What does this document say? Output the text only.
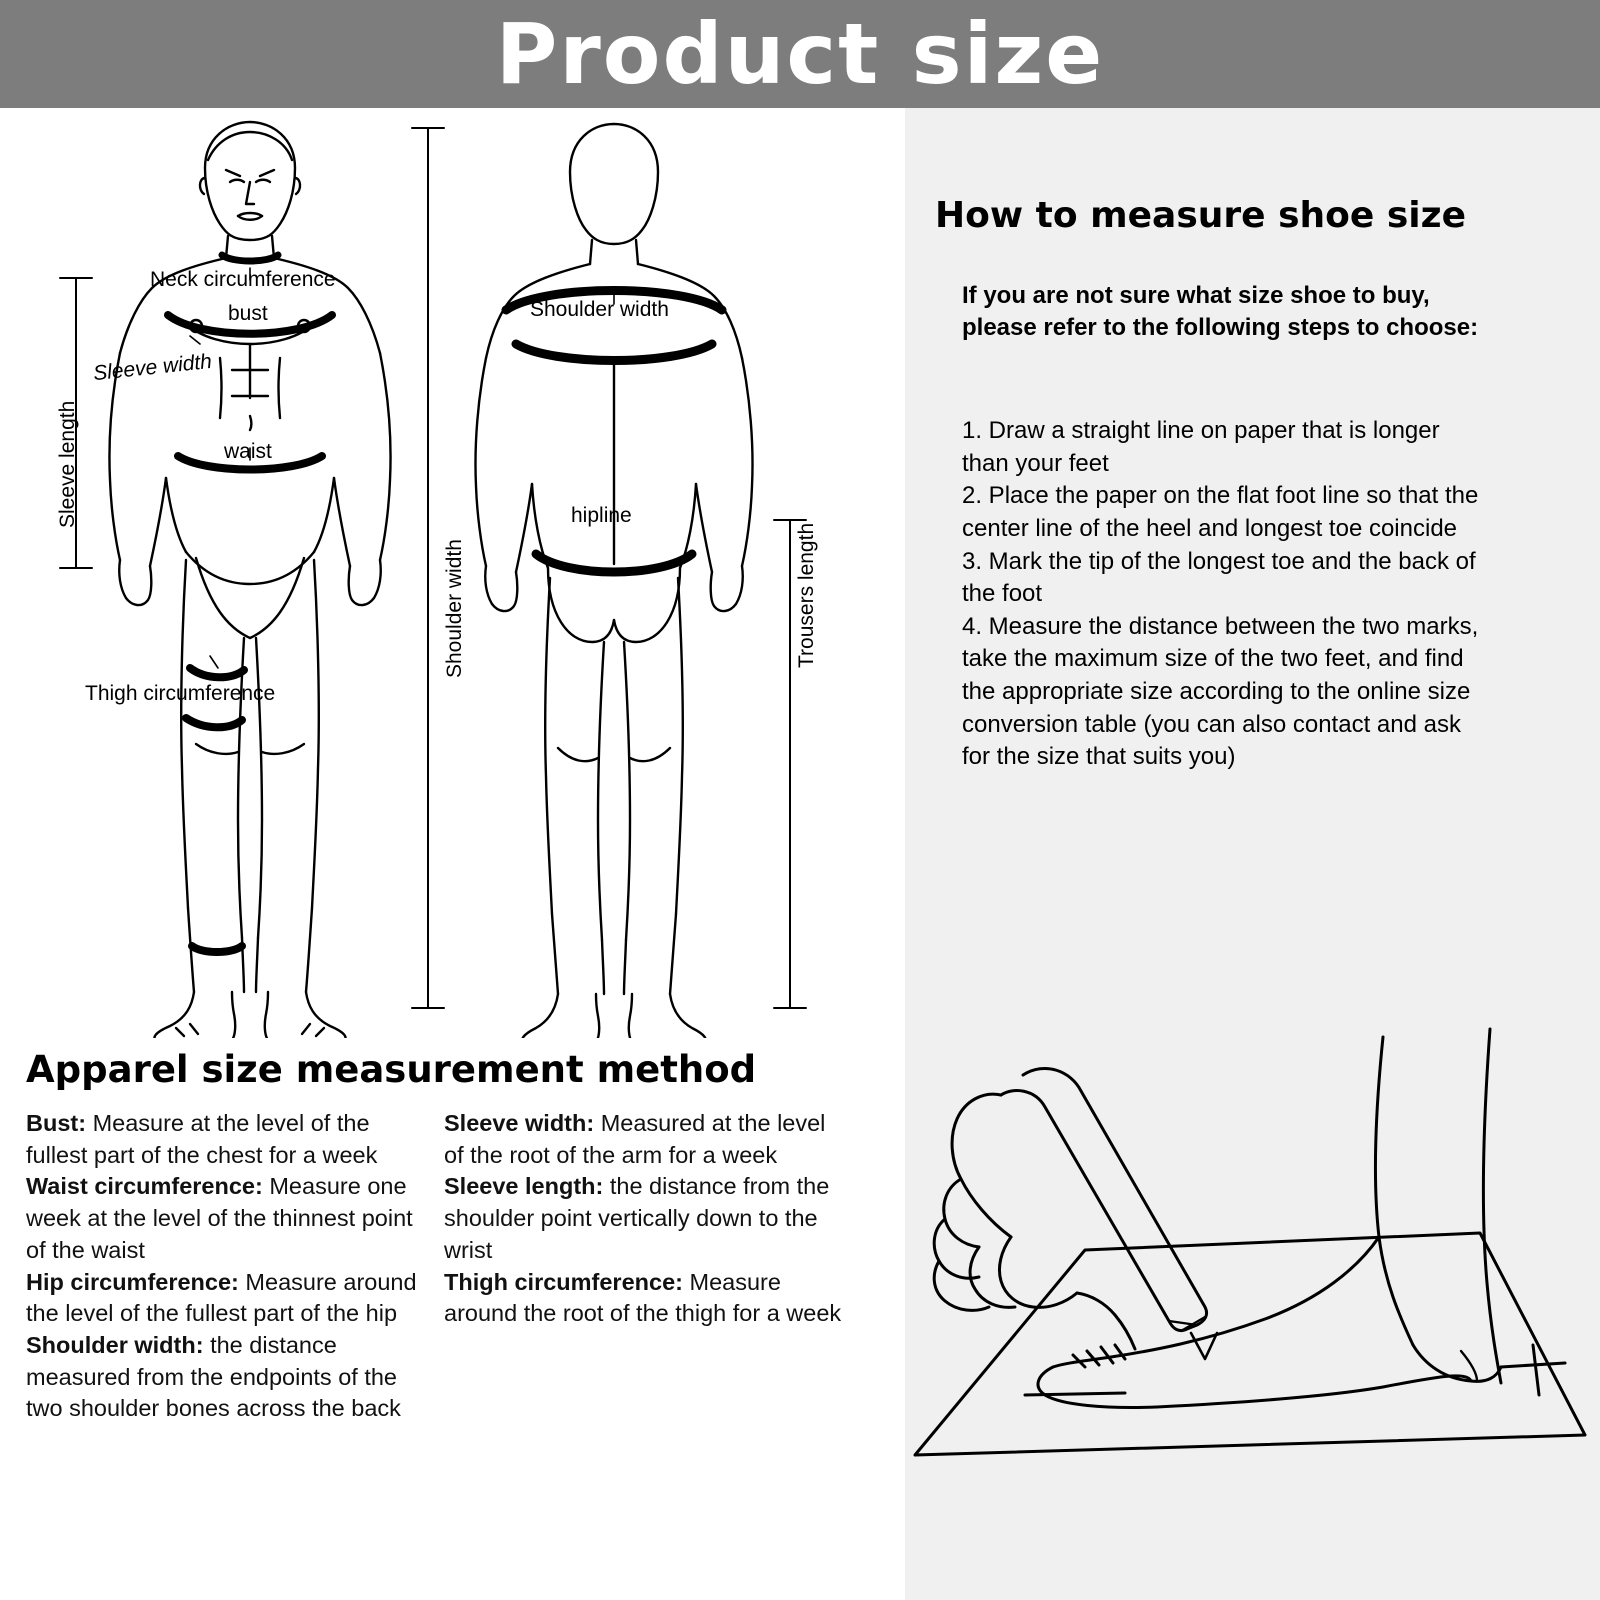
Product size
Neck circumference
bust
Sleeve width
waist
Sleeve length
Thigh circumference
Shoulder width
Shoulder width
hipline
Trousers length
Apparel size measurement method

Bust: Measure at the level of the fullest part of the chest for a week

Waist circumference: Measure one week at the level of the thinnest point of the waist

Hip circumference: Measure around the level of the fullest part of the hip

Shoulder width: the distance measured from the endpoints of the two shoulder bones across the back

Sleeve width: Measured at the level of the root of the arm for a week

Sleeve length: the distance from the shoulder point vertically down to the wrist

Thigh circumference: Measure around the root of the thigh for a week

How to measure shoe size
If you are not sure what size shoe to buy, please refer to the following steps to choose:

1. Draw a straight line on paper that is longer than your feet

2. Place the paper on the flat foot line so that the center line of the heel and longest toe coincide

3. Mark the tip of the longest toe and the back of the foot

4. Measure the distance between the two marks, take the maximum size of the two feet, and find the appropriate size according to the online size conversion table (you can also contact and ask for the size that suits you)
